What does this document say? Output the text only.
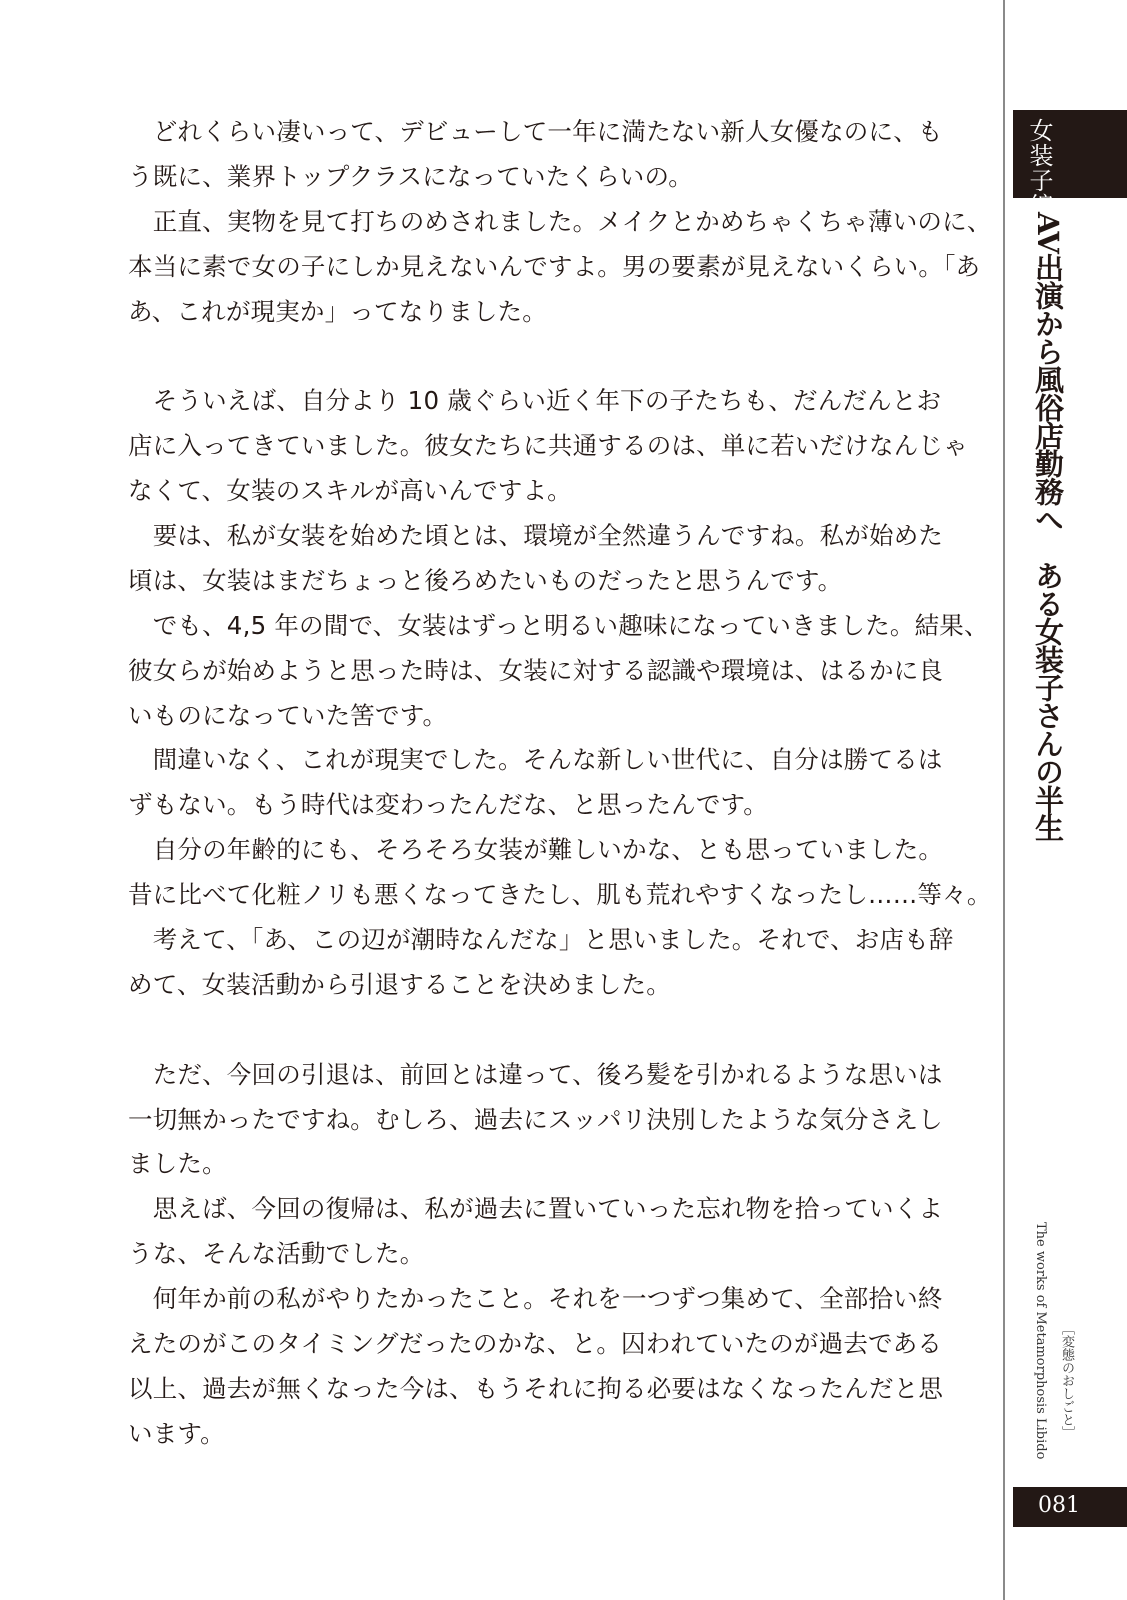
　どれくらい凄いって、デビューして一年に満たない新人女優なのに、も
う既に、業界トップクラスになっていたくらいの。
　正直、実物を見て打ちのめされました。メイクとかめちゃくちゃ薄いのに、
本当に素で女の子にしか見えないんですよ。男の要素が見えないくらい。「あ
あ、これが現実か」ってなりました。
　そういえば、自分より 10 歳ぐらい近く年下の子たちも、だんだんとお
店に入ってきていました。彼女たちに共通するのは、単に若いだけなんじゃ
なくて、女装のスキルが高いんですよ。
　要は、私が女装を始めた頃とは、環境が全然違うんですね。私が始めた
頃は、女装はまだちょっと後ろめたいものだったと思うんです。
　でも、4,5 年の間で、女装はずっと明るい趣味になっていきました。結果、
彼女らが始めようと思った時は、女装に対する認識や環境は、はるかに良
いものになっていた筈です。
　間違いなく、これが現実でした。そんな新しい世代に、自分は勝てるは
ずもない。もう時代は変わったんだな、と思ったんです。
　自分の年齢的にも、そろそろ女装が難しいかな、とも思っていました。
昔に比べて化粧ノリも悪くなってきたし、肌も荒れやすくなったし……等々。
　考えて、「あ、この辺が潮時なんだな」と思いました。それで、お店も辞
めて、女装活動から引退することを決めました。
　ただ、今回の引退は、前回とは違って、後ろ髪を引かれるような思いは
一切無かったですね。むしろ、過去にスッパリ決別したような気分さえし
ました。
　思えば、今回の復帰は、私が過去に置いていった忘れ物を拾っていくよ
うな、そんな活動でした。
　何年か前の私がやりたかったこと。それを一つずつ集めて、全部拾い終
えたのがこのタイミングだったのかな、と。囚われていたのが過去である
以上、過去が無くなった今は、もうそれに拘る必要はなくなったんだと思
います。
女装子編
AV出演から風俗店勤務へ　ある女装子さんの半生
The works of Metamorphosis Libido ［変態のおしごと］
081
